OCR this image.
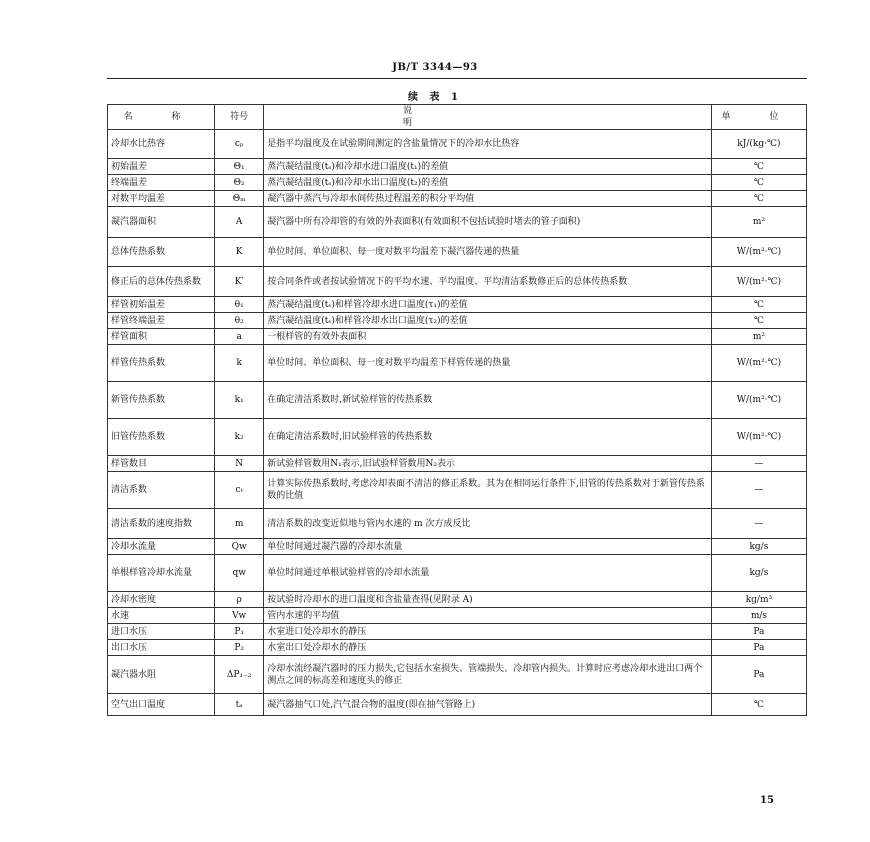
JB/T 3344—93
续 表 1
名 称	符号	说 明	单 位
冷却水比热容	cₚ	是指平均温度及在试验期间测定的含盐量情况下的冷却水比热容	kJ/(kg·℃)
初始温差	Θ₁	蒸汽凝结温度(tₛ)和冷却水进口温度(t₁)的差值	℃
终端温差	Θ₂	蒸汽凝结温度(tₛ)和冷却水出口温度(t₂)的差值	℃
对数平均温差	Θₘ	凝汽器中蒸汽与冷却水间传热过程温差的积分平均值	℃
凝汽器面积	A	凝汽器中所有冷却管的有效的外表面积(有效面积不包括试验时堵去的管子面积)	m²
总体传热系数	K	单位时间、单位面积、每一度对数平均温差下凝汽器传递的热量	W/(m²·℃)
修正后的总体传热系数	K′	按合同条件或者按试验情况下的平均水速、平均温度、平均清洁系数修正后的总体传热系数	W/(m²·℃)
样管初始温差	θ₁	蒸汽凝结温度(tₛ)和样管冷却水进口温度(τ₁)的差值	℃
样管终端温差	θ₂	蒸汽凝结温度(tₛ)和样管冷却水出口温度(τ₂)的差值	℃
样管面积	a	一根样管的有效外表面积	m²
样管传热系数	k	单位时间、单位面积、每一度对数平均温差下样管传递的热量	W/(m²·℃)
新管传热系数	k₁	在确定清洁系数时,新试验样管的传热系数	W/(m²·℃)
旧管传热系数	k₂	在确定清洁系数时,旧试验样管的传热系数	W/(m²·℃)
样管数目	N	新试验样管数用N₁表示,旧试验样管数用N₂表示	—
清洁系数	cₜ	计算实际传热系数时,考虑冷却表面不清洁的修正系数。其为在相同运行条件下,旧管的传热系数对于新管传热系数的比值	—
清洁系数的速度指数	m	清洁系数的改变近似地与管内水速的 m 次方成反比	—
冷却水流量	Qᴡ	单位时间通过凝汽器的冷却水流量	kg/s
单根样管冷却水流量	qᴡ	单位时间通过单根试验样管的冷却水流量	kg/s
冷却水密度	ρ	按试验时冷却水的进口温度和含盐量查得(见附录 A)	kg/m³
水速	Vᴡ	管内水速的平均值	m/s
进口水压	P₁	水室进口处冷却水的静压	Pa
出口水压	P₂	水室出口处冷却水的静压	Pa
凝汽器水阻	ΔP₁₋₂	冷却水流经凝汽器时的压力损失,它包括水室损失、管端损失、冷却管内损失。计算时应考虑冷却水进出口两个测点之间的标高差和速度头的修正	Pa
空气出口温度	tₐ	凝汽器抽气口处,汽气混合物的温度(即在抽气管路上)	℃
15
